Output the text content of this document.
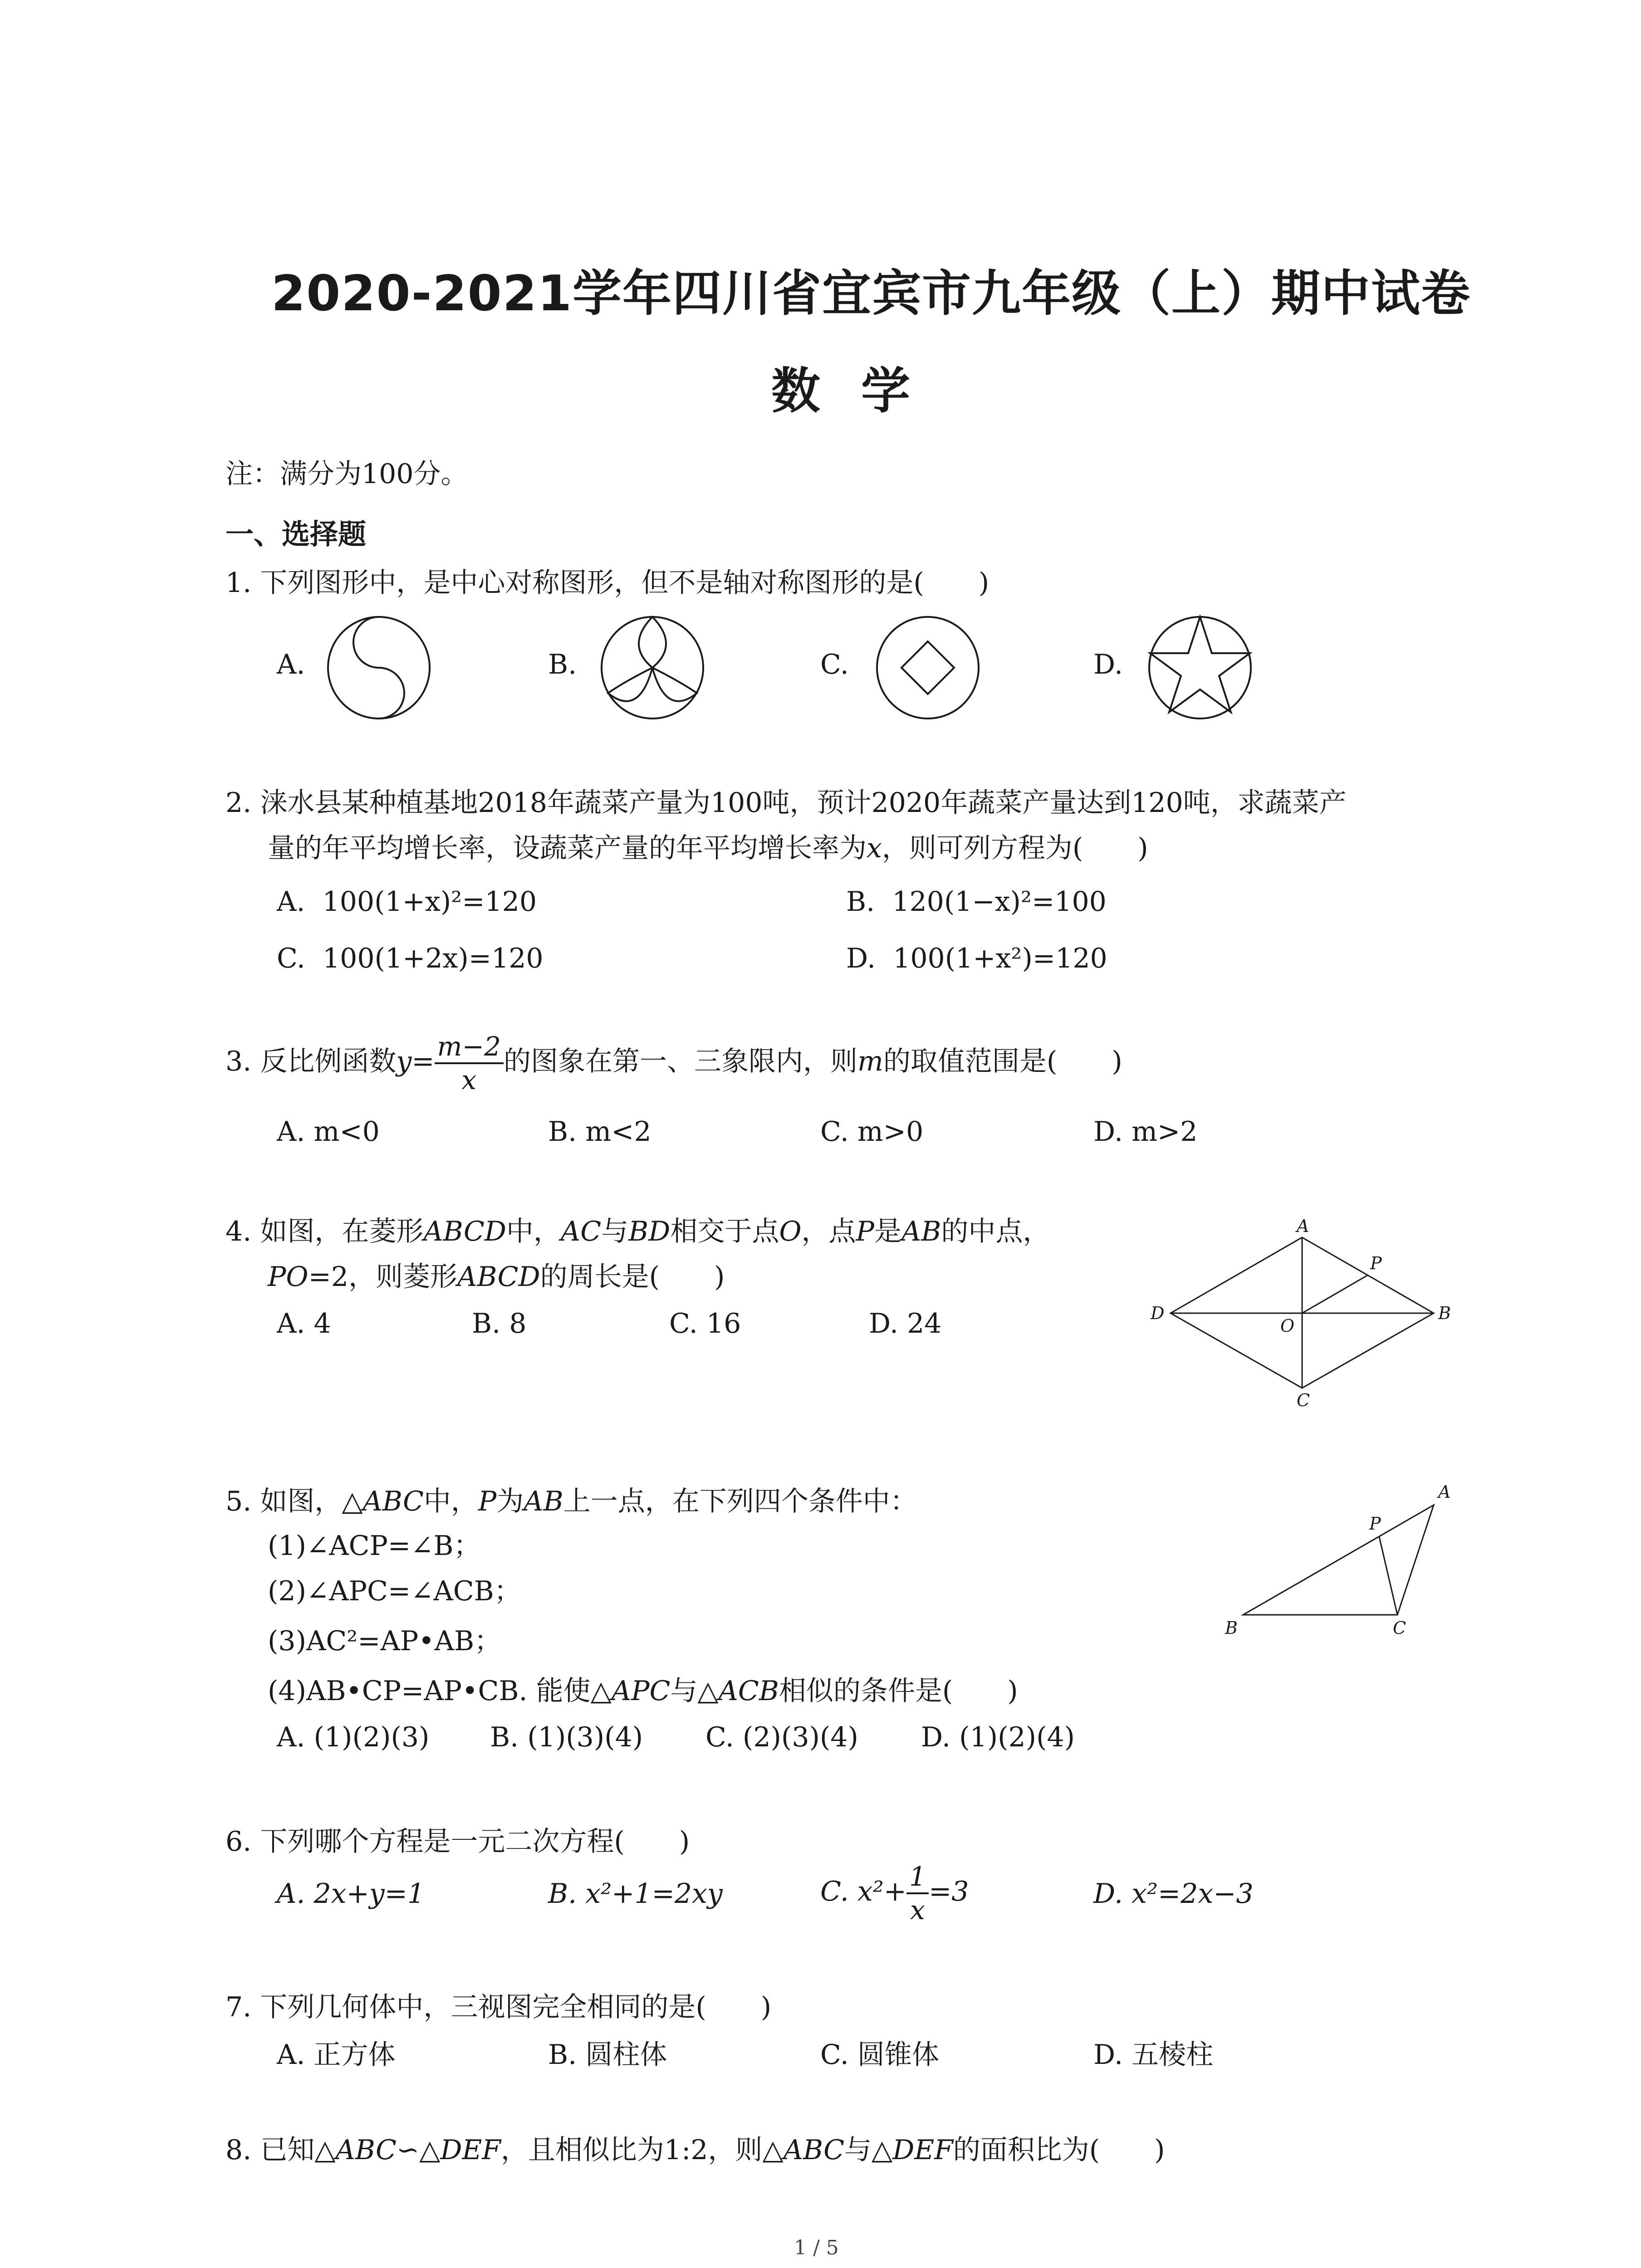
2020-2021学年四川省宜宾市九年级（上）期中试卷
数学
注：满分为100分。
一、选择题
1. 下列图形中，是中心对称图形，但不是轴对称图形的是(　　)
A.	B.	C.	D.
2. 涞水县某种植基地2018年蔬菜产量为100吨，预计2020年蔬菜产量达到120吨，求蔬菜产
量的年平均增长率，设蔬菜产量的年平均增长率为x，则可列方程为(　　)
A. 100(1+x)²=120	B. 120(1−x)²=100
C. 100(1+2x)=120	D. 100(1+x²)=120
3. 反比例函数$y= \frac{m-2}{x}$ 的图象在第一、三象限内，则m的取值范围是(　　)
A. m<0	B. m<2	C. m>0	D. m>2
4. 如图，在菱形ABCD中，AC与BD相交于点O，点P是AB的中点，
PO=2，则菱形ABCD的周长是(　　)
A. 4	B. 8	C. 16	D. 24
A
B
C
D
O
P
5. 如图，△ABC中，P为AB上一点，在下列四个条件中：
(1)∠ACP=∠B；
(2)∠APC=∠ACB；
(3)AC²=AP•AB；
(4)AB•CP=AP•CB. 能使△APC与△ACB相似的条件是(　　)
A. (1)(2)(3) B. (1)(3)(4) C. (2)(3)(4) D. (1)(2)(4)
A
B	C
P
6. 下列哪个方程是一元二次方程(　　)
A. 2x+y=1	B. x²+1=2xy	C. $x^2+ \frac{1}{x} =3$	D. x²=2x−3
7. 下列几何体中，三视图完全相同的是(　　)
A. 正方体	B. 圆柱体	C. 圆锥体	D. 五棱柱
8. 已知△ABC∽△DEF，且相似比为1:2，则△ABC与△DEF的面积比为(　　)
1 / 5
